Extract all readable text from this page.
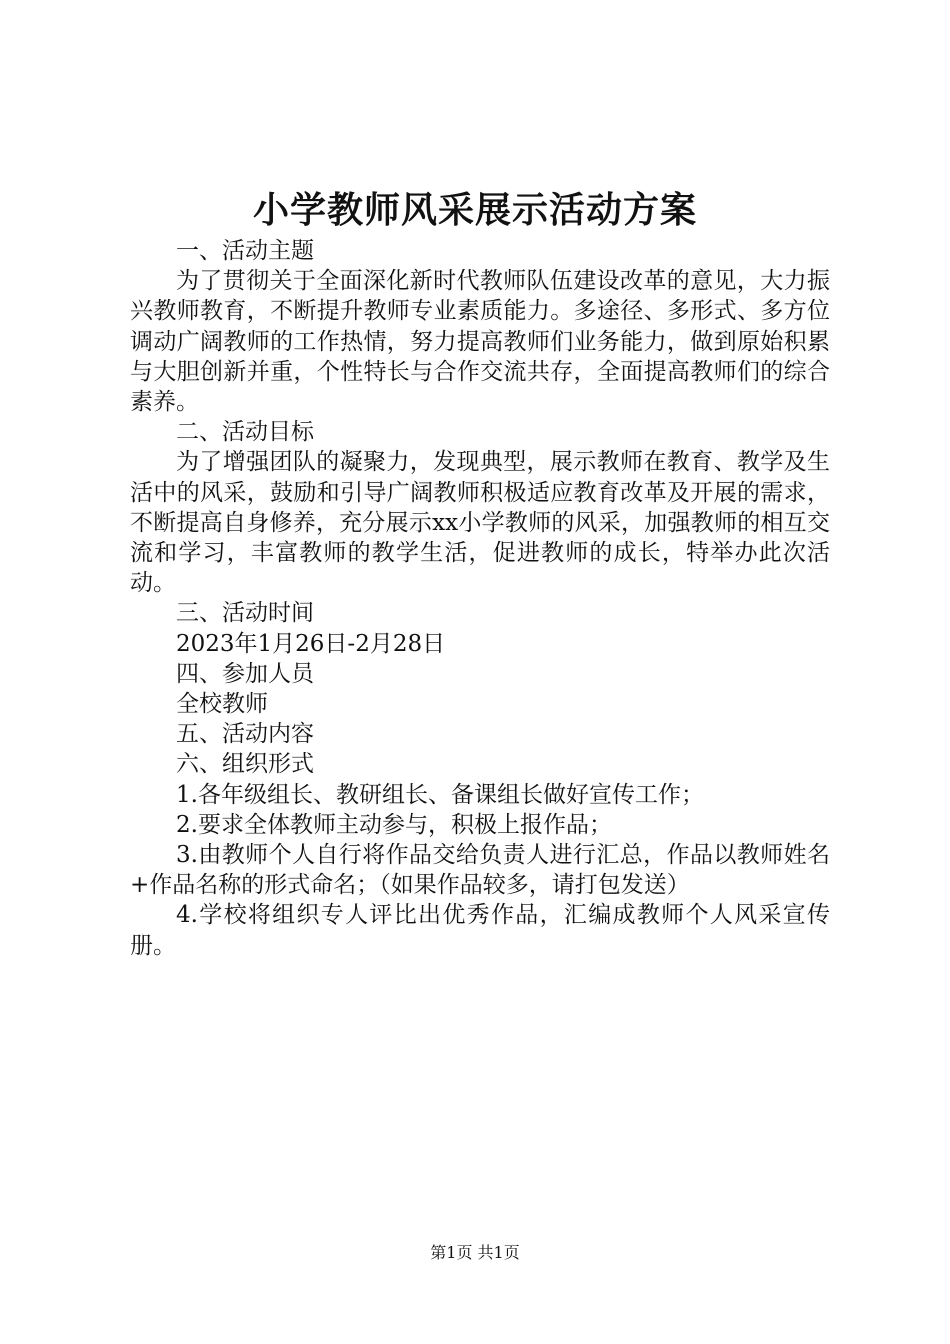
小学教师风采展示活动方案

一、活动主题

为了贯彻关于全面深化新时代教师队伍建设改革的意见，大力振兴教师教育，不断提升教师专业素质能力。多途径、多形式、多方位调动广阔教师的工作热情，努力提高教师们业务能力，做到原始积累与大胆创新并重，个性特长与合作交流共存，全面提高教师们的综合素养。

二、活动目标

为了增强团队的凝聚力，发现典型，展示教师在教育、教学及生活中的风采，鼓励和引导广阔教师积极适应教育改革及开展的需求，不断提高自身修养，充分展示xx小学教师的风采，加强教师的相互交流和学习，丰富教师的教学生活，促进教师的成长，特举办此次活动。

三、活动时间

2023年1月26日-2月28日

四、参加人员

全校教师

五、活动内容

六、组织形式

1.各年级组长、教研组长、备课组长做好宣传工作；

2.要求全体教师主动参与，积极上报作品；

3.由教师个人自行将作品交给负责人进行汇总，作品以教师姓名+作品名称的形式命名；（如果作品较多，请打包发送）

4.学校将组织专人评比出优秀作品，汇编成教师个人风采宣传册。

第1页 共1页
